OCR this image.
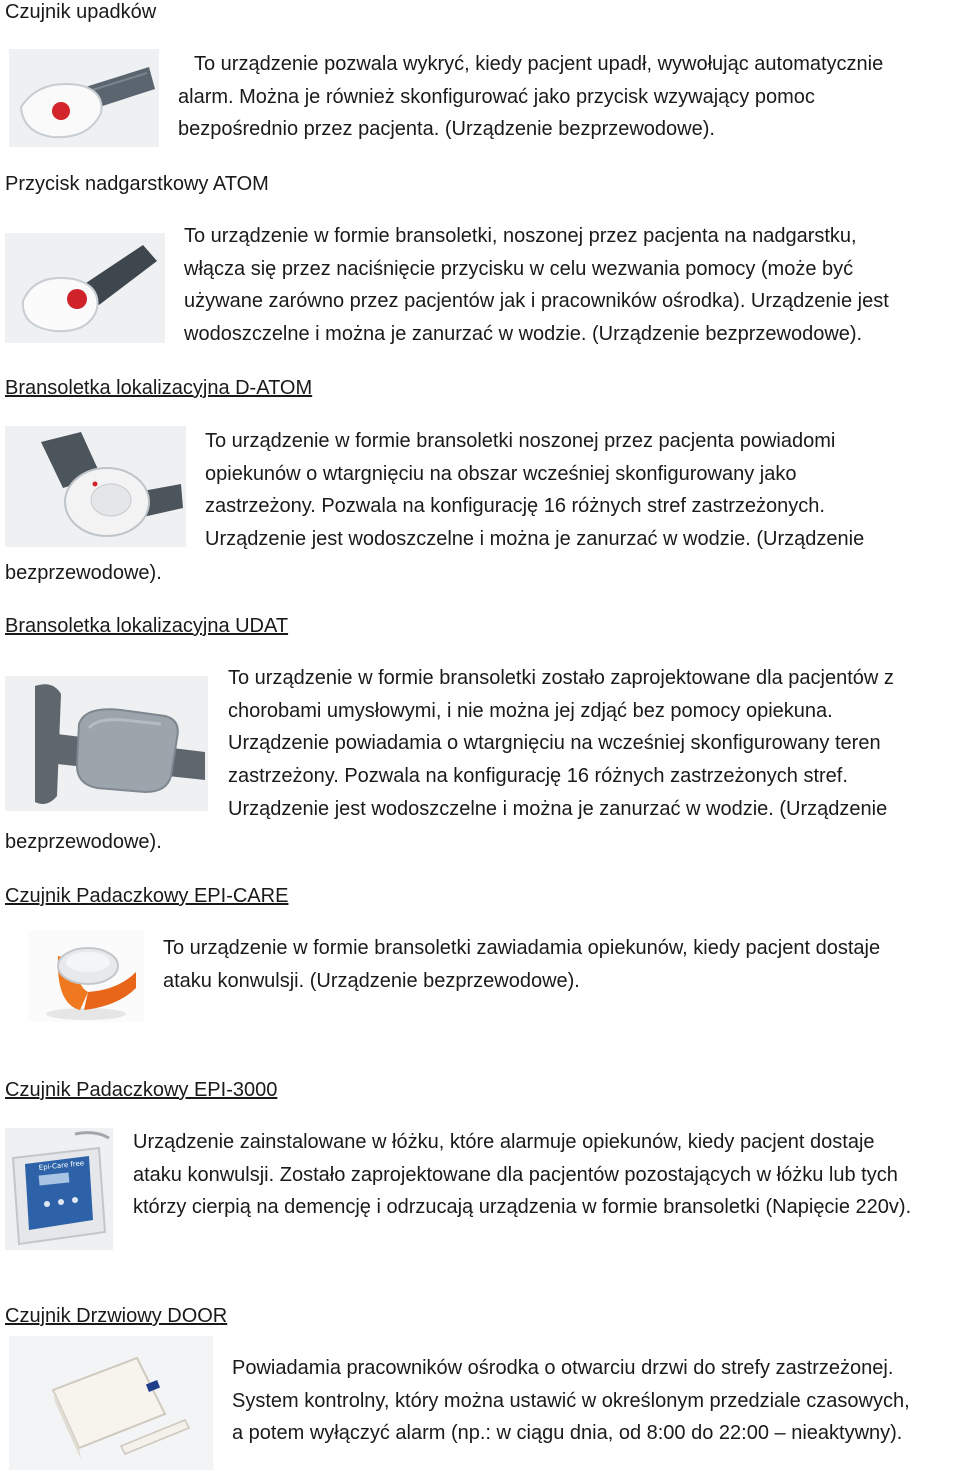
Czujnik upadków
To urządzenie pozwala wykryć, kiedy pacjent upadł, wywołując automatycznie
alarm. Można je również skonfigurować jako przycisk wzywający pomoc
bezpośrednio przez pacjenta. (Urządzenie bezprzewodowe).
Przycisk nadgarstkowy ATOM
To urządzenie w formie bransoletki, noszonej przez pacjenta na nadgarstku,
włącza się przez naciśnięcie przycisku w celu wezwania pomocy (może być
używane zarówno przez pacjentów jak i pracowników ośrodka). Urządzenie jest
wodoszczelne i można je zanurzać w wodzie. (Urządzenie bezprzewodowe).
Bransoletka lokalizacyjna D-ATOM
To urządzenie w formie bransoletki noszonej przez pacjenta powiadomi
opiekunów o wtargnięciu na obszar wcześniej skonfigurowany jako
zastrzeżony. Pozwala na konfigurację 16 różnych stref zastrzeżonych.
Urządzenie jest wodoszczelne i można je zanurzać w wodzie. (Urządzenie
bezprzewodowe).
Bransoletka lokalizacyjna UDAT
To urządzenie w formie bransoletki zostało zaprojektowane dla pacjentów z
chorobami umysłowymi, i nie można jej zdjąć bez pomocy opiekuna.
Urządzenie powiadamia o wtargnięciu na wcześniej skonfigurowany teren
zastrzeżony. Pozwala na konfigurację 16 różnych zastrzeżonych stref.
Urządzenie jest wodoszczelne i można je zanurzać w wodzie. (Urządzenie
bezprzewodowe).
Czujnik Padaczkowy EPI-CARE
To urządzenie w formie bransoletki zawiadamia opiekunów, kiedy pacjent dostaje
ataku konwulsji. (Urządzenie bezprzewodowe).
Czujnik Padaczkowy EPI-3000
Epi-Care free
Urządzenie zainstalowane w łóżku, które alarmuje opiekunów, kiedy pacjent dostaje
ataku konwulsji. Zostało zaprojektowane dla pacjentów pozostających w łóżku lub tych
którzy cierpią na demencję i odrzucają urządzenia w formie bransoletki (Napięcie 220v).
Czujnik Drzwiowy DOOR
Powiadamia pracowników ośrodka o otwarciu drzwi do strefy zastrzeżonej.
System kontrolny, który można ustawić w określonym przedziale czasowych,
a potem wyłączyć alarm (np.: w ciągu dnia, od 8:00 do 22:00 – nieaktywny).
